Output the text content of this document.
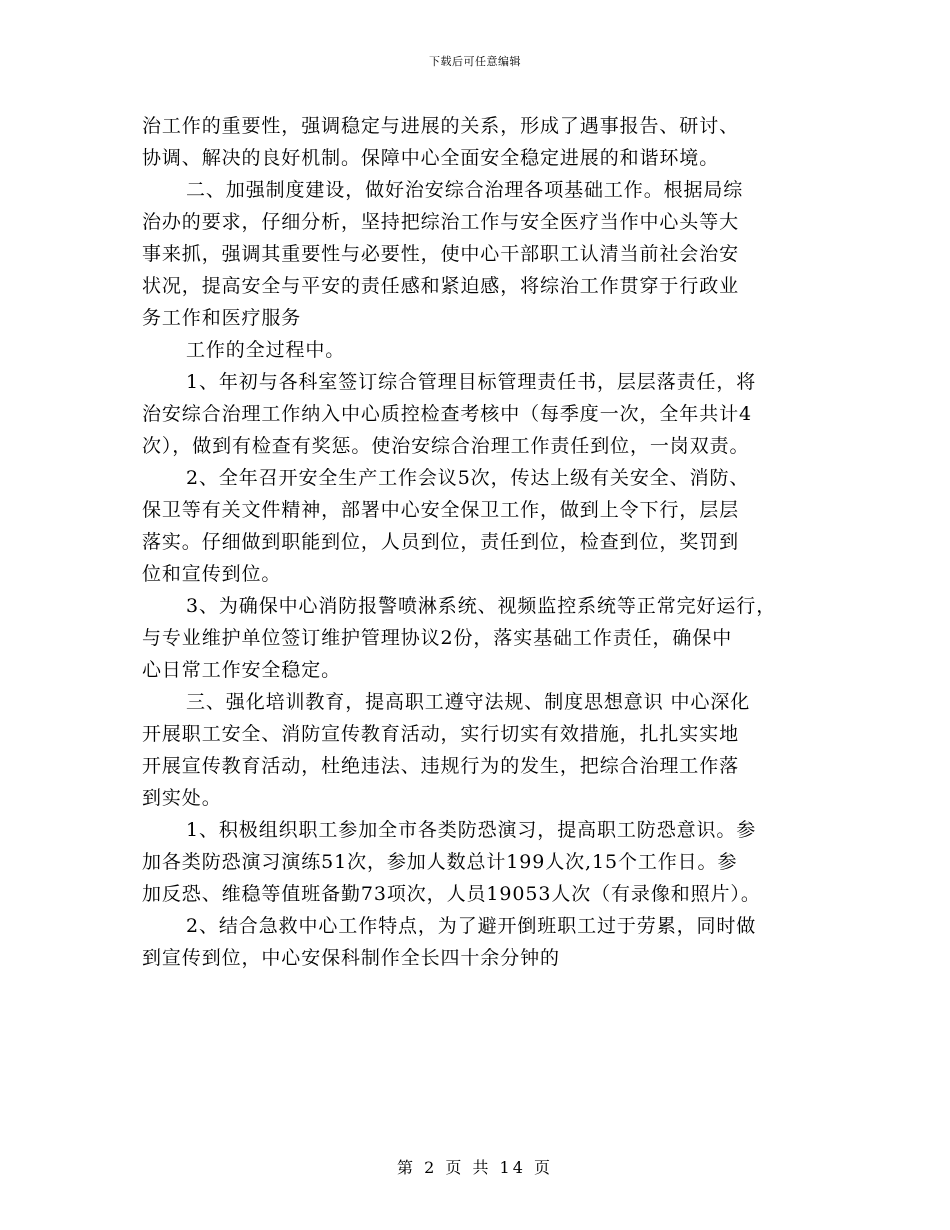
下载后可任意编辑
治工作的重要性，强调稳定与进展的关系，形成了遇事报告、研讨、
协调、解决的良好机制。保障中心全面安全稳定进展的和谐环境。
二、加强制度建设，做好治安综合治理各项基础工作。根据局综
治办的要求，仔细分析，坚持把综治工作与安全医疗当作中心头等大
事来抓，强调其重要性与必要性，使中心干部职工认清当前社会治安
状况，提高安全与平安的责任感和紧迫感，将综治工作贯穿于行政业
务工作和医疗服务
工作的全过程中。
1、年初与各科室签订综合管理目标管理责任书，层层落责任，将
治安综合治理工作纳入中心质控检查考核中（每季度一次，全年共计4
次），做到有检查有奖惩。使治安综合治理工作责任到位，一岗双责。
2、全年召开安全生产工作会议5次，传达上级有关安全、消防、
保卫等有关文件精神，部署中心安全保卫工作，做到上令下行，层层
落实。仔细做到职能到位，人员到位，责任到位，检查到位，奖罚到
位和宣传到位。
3、为确保中心消防报警喷淋系统、视频监控系统等正常完好运行，
与专业维护单位签订维护管理协议2份，落实基础工作责任，确保中
心日常工作安全稳定。
三、强化培训教育，提高职工遵守法规、制度思想意识 中心深化
开展职工安全、消防宣传教育活动，实行切实有效措施，扎扎实实地
开展宣传教育活动，杜绝违法、违规行为的发生，把综合治理工作落
到实处。
1、积极组织职工参加全市各类防恐演习，提高职工防恐意识。参
加各类防恐演习演练51次，参加人数总计199人次,15个工作日。参
加反恐、维稳等值班备勤73项次，人员19053人次（有录像和照片）。
2、结合急救中心工作特点，为了避开倒班职工过于劳累，同时做
到宣传到位，中心安保科制作全长四十余分钟的
第 2 页 共 14 页
